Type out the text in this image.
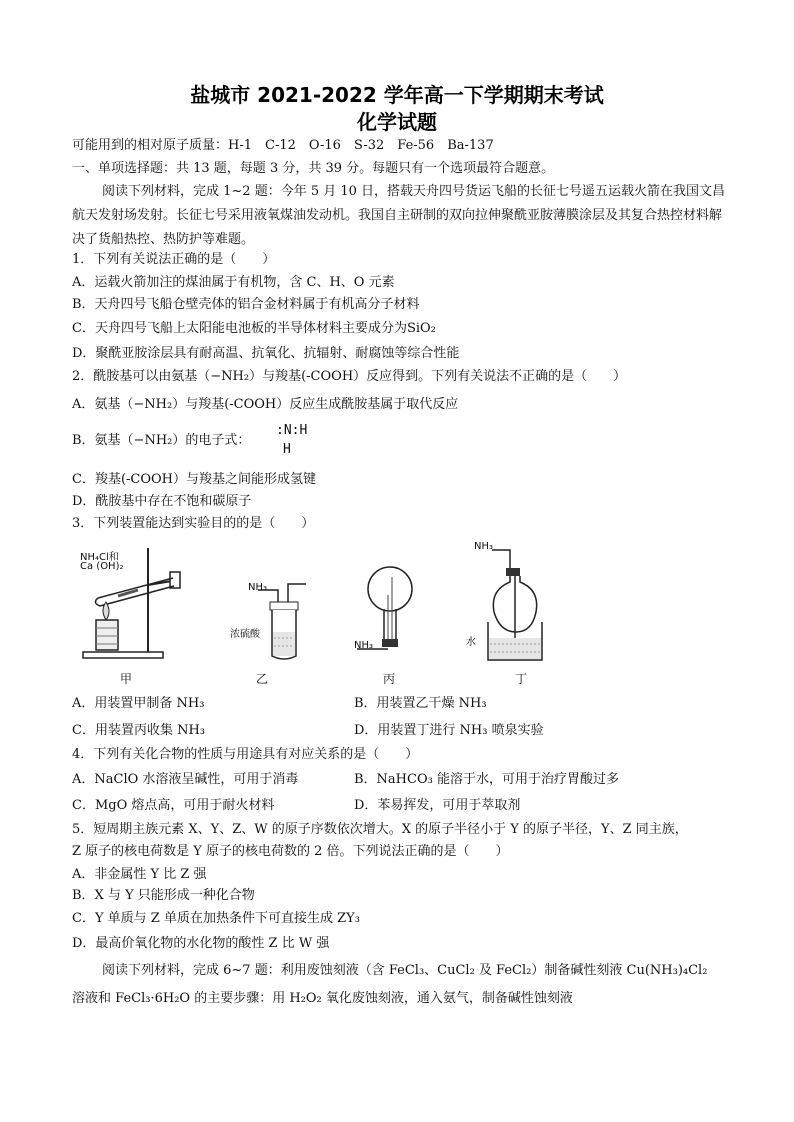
盐城市 2021-2022 学年高一下学期期末考试
化学试题
可能用到的相对原子质量：H-1　C-12　O-16　S-32　Fe-56　Ba-137
一、单项选择题：共 13 题，每题 3 分，共 39 分。每题只有一个选项最符合题意。
阅读下列材料，完成 1~2 题：今年 5 月 10 日，搭载天舟四号货运飞船的长征七号遥五运载火箭在我国文昌航天发射场发射。长征七号采用液氧煤油发动机。我国自主研制的双向拉伸聚酰亚胺薄膜涂层及其复合热控材料解决了货船热控、热防护等难题。
1．下列有关说法正确的是（　　）
A．运载火箭加注的煤油属于有机物，含 C、H、O 元素
B．天舟四号飞船仓壁壳体的铝合金材料属于有机高分子材料
C．天舟四号飞船上太阳能电池板的半导体材料主要成分为SiO₂
D．聚酰亚胺涂层具有耐高温、抗氧化、抗辐射、耐腐蚀等综合性能
2．酰胺基可以由氨基（−NH₂）与羧基(-COOH）反应得到。下列有关说法不正确的是（　　）
A．氨基（−NH₂）与羧基(-COOH）反应生成酰胺基属于取代反应
B．氨基（−NH₂）的电子式：
:N:H
H
C．羧基(-COOH）与羧基之间能形成氢键
D．酰胺基中存在不饱和碳原子
3．下列装置能达到实验目的的是（　　）
NH₄Cl和
Ca (OH)₂
甲
NH₃
浓硫酸
乙
NH₃
丙
NH₃
水
丁
A．用装置甲制备 NH₃	B．用装置乙干燥 NH₃
C．用装置丙收集 NH₃	D．用装置丁进行 NH₃ 喷泉实验
4．下列有关化合物的性质与用途具有对应关系的是（　　）
A．NaClO 水溶液呈碱性，可用于消毒	B．NaHCO₃ 能溶于水，可用于治疗胃酸过多
C．MgO 熔点高，可用于耐火材料	D．苯易挥发，可用于萃取剂
5．短周期主族元素 X、Y、Z、W 的原子序数依次增大。X 的原子半径小于 Y 的原子半径，Y、Z 同主族，
Z 原子的核电荷数是 Y 原子的核电荷数的 2 倍。下列说法正确的是（　　）
A．非金属性 Y 比 Z 强
B．X 与 Y 只能形成一种化合物
C．Y 单质与 Z 单质在加热条件下可直接生成 ZY₃
D．最高价氧化物的水化物的酸性 Z 比 W 强
阅读下列材料，完成 6~7 题：利用废蚀刻液（含 FeCl₃、CuCl₂ 及 FeCl₂）制备碱性刻液 Cu(NH₃)₄Cl₂
溶液和 FeCl₃·6H₂O 的主要步骤：用 H₂O₂ 氧化废蚀刻液，通入氨气，制备碱性蚀刻液
